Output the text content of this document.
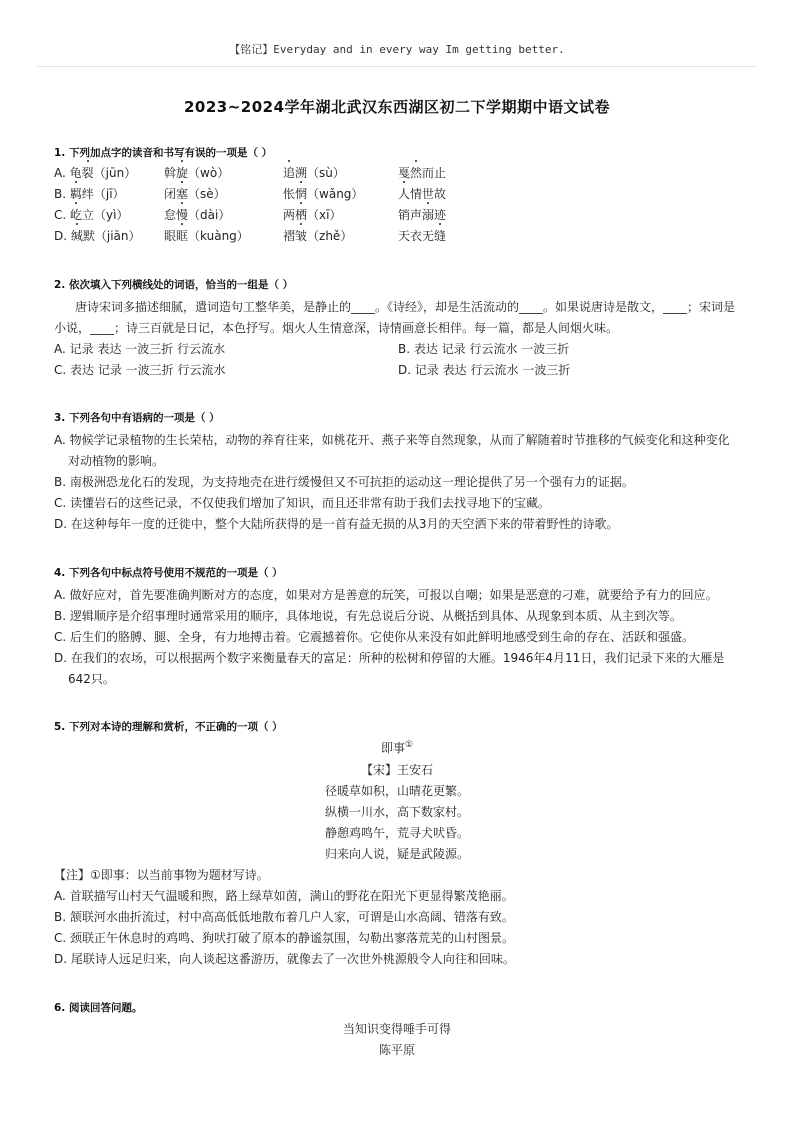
【铭记】Everyday and in every way Im getting better.
2023~2024学年湖北武汉东西湖区初二下学期期中语文试卷
1. 下列加点字的读音和书写有误的一项是（ ）
A. 龟裂（jūn） 斡旋（wò）	追溯（sù）	戛然而止
B. 羁绊（jī）	闭塞（sè）	怅惘（wǎng）	人情世故
C. 屹立（yì）	怠慢（dài）	两栖（xī）	销声溺迹
D. 缄默（jiān） 眼眶（kuàng）	褶皱（zhě）	天衣无缝
2. 依次填入下列横线处的词语，恰当的一组是（ ）
唐诗宋词多描述细腻，遣词造句工整华美，是静止的____。《诗经》，却是生活流动的____。如果说唐诗是散文，____；宋词是
小说，____；诗三百就是日记，本色抒写。烟火人生情意深，诗情画意长相伴。每一篇，都是人间烟火味。
A. 记录 表达 一波三折 行云流水	B. 表达 记录 行云流水 一波三折
C. 表达 记录 一波三折 行云流水	D. 记录 表达 行云流水 一波三折
3. 下列各句中有语病的一项是（ ）
A. 物候学记录植物的生长荣枯，动物的养育往来，如桃花开、燕子来等自然现象，从而了解随着时节推移的气候变化和这种变化
对动植物的影响。
B. 南极洲恐龙化石的发现，为支持地壳在进行缓慢但又不可抗拒的运动这一理论提供了另一个强有力的证据。
C. 读懂岩石的这些记录，不仅使我们增加了知识，而且还非常有助于我们去找寻地下的宝藏。
D. 在这种每年一度的迁徙中，整个大陆所获得的是一首有益无损的从3月的天空洒下来的带着野性的诗歌。
4. 下列各句中标点符号使用不规范的一项是（ ）
A. 做好应对，首先要准确判断对方的态度，如果对方是善意的玩笑，可报以自嘲；如果是恶意的刁难，就要给予有力的回应。
B. 逻辑顺序是介绍事理时通常采用的顺序，具体地说，有先总说后分说、从概括到具体、从现象到本质、从主到次等。
C. 后生们的胳膊、腿、全身，有力地搏击着。它震撼着你。它使你从来没有如此鲜明地感受到生命的存在、活跃和强盛。
D. 在我们的农场，可以根据两个数字来衡量春天的富足：所种的松树和停留的大雁。1946年4月11日，我们记录下来的大雁是
642只。
5. 下列对本诗的理解和赏析，不正确的一项（ ）
即事①
【宋】王安石
径暖草如积，山晴花更繁。
纵横一川水，高下数家村。
静憩鸡鸣午，荒寻犬吠昏。
归来向人说，疑是武陵源。
【注】①即事：以当前事物为题材写诗。
A. 首联描写山村天气温暖和煦，路上绿草如茵，满山的野花在阳光下更显得繁茂艳丽。
B. 颔联河水曲折流过，村中高高低低地散布着几户人家，可谓是山水高阔、错落有致。
C. 颈联正午休息时的鸡鸣、狗吠打破了原本的静谧氛围，勾勒出寥落荒芜的山村图景。
D. 尾联诗人远足归来，向人谈起这番游历，就像去了一次世外桃源般令人向往和回味。
6. 阅读回答问题。
当知识变得唾手可得
陈平原
